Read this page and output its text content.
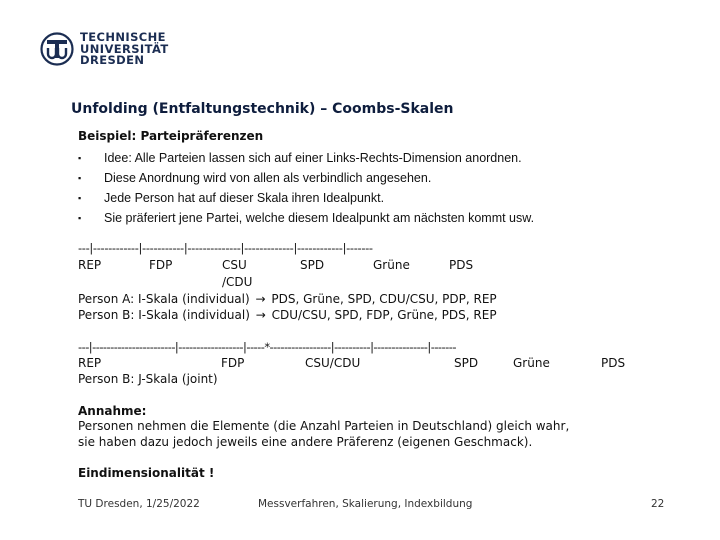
TECHNISCHE
UNIVERSITÄT
DRESDEN
Unfolding (Entfaltungstechnik) – Coombs-Skalen
Beispiel: Parteipräferenzen
▪ Idee: Alle Parteien lassen sich auf einer Links-Rechts-Dimension anordnen.
▪ Diese Anordnung wird von allen als verbindlich angesehen.
▪ Jede Person hat auf dieser Skala ihren Idealpunkt.
▪ Sie präferiert jene Partei, welche diesem Idealpunkt am nächsten kommt usw.
---|------------|-----------|--------------|-------------|------------|-------
REP	FDP	CSU	SPD	Grüne	PDS
/CDU
Person A: I-Skala (individual) → PDS, Grüne, SPD, CDU/CSU, PDP, REP
Person B: I-Skala (individual) → CDU/CSU, SPD, FDP, Grüne, PDS, REP
---|-----------------------|------------------|-----*-----------------|----------|---------------|-------
REP	FDP	CSU/CDU	SPD	Grüne	PDS
Person B: J-Skala (joint)
Annahme:
Personen nehmen die Elemente (die Anzahl Parteien in Deutschland) gleich wahr,
sie haben dazu jedoch jeweils eine andere Präferenz (eigenen Geschmack).
Eindimensionalität !
TU Dresden, 1/25/2022	Messverfahren, Skalierung, Indexbildung	22
